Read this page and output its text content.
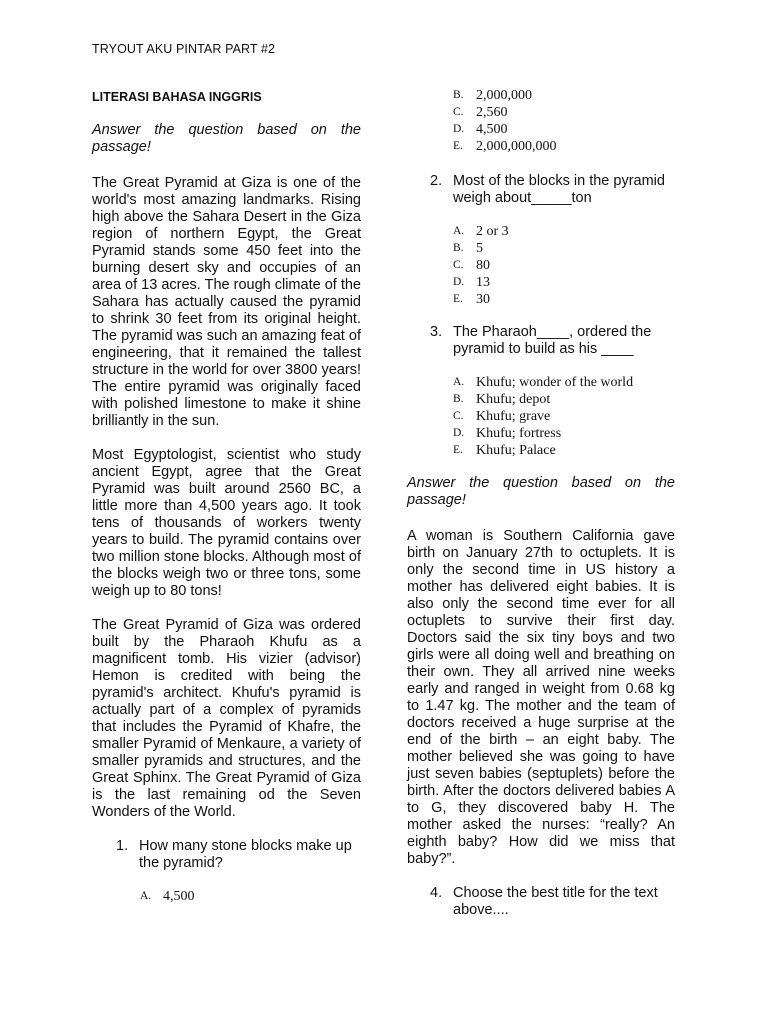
TRYOUT AKU PINTAR PART #2
LITERASI BAHASA INGGRIS
Answer the question based on the passage!

The Great Pyramid at Giza is one of the world's most amazing landmarks. Rising high above the Sahara Desert in the Giza region of northern Egypt, the Great Pyramid stands some 450 feet into the burning desert sky and occupies of an area of 13 acres. The rough climate of the Sahara has actually caused the pyramid to shrink 30 feet from its original height. The pyramid was such an amazing feat of engineering, that it remained the tallest structure in the world for over 3800 years! The entire pyramid was originally faced with polished limestone to make it shine brilliantly in the sun.

Most Egyptologist, scientist who study ancient Egypt, agree that the Great Pyramid was built around 2560 BC, a little more than 4,500 years ago. It took tens of thousands of workers twenty years to build. The pyramid contains over two million stone blocks. Although most of the blocks weigh two or three tons, some weigh up to 80 tons!

The Great Pyramid of Giza was ordered built by the Pharaoh Khufu as a magnificent tomb. His vizier (advisor) Hemon is credited with being the pyramid's architect. Khufu's pyramid is actually part of a complex of pyramids that includes the Pyramid of Khafre, the smaller Pyramid of Menkaure, a variety of smaller pyramids and structures, and the Great Sphinx. The Great Pyramid of Giza is the last remaining od the Seven Wonders of the World.

1. How many stone blocks make up the pyramid?
A. 4,500
B. 2,000,000
C. 2,560
D. 4,500
E. 2,000,000,000
2. Most of the blocks in the pyramid weigh about_____ton
A. 2 or 3
B. 5
C. 80
D. 13
E. 30
3. The Pharaoh____, ordered the pyramid to build as his ____
A. Khufu; wonder of the world
B. Khufu; depot
C. Khufu; grave
D. Khufu; fortress
E. Khufu; Palace
Answer the question based on the passage!

A woman is Southern California gave birth on January 27th to octuplets. It is only the second time in US history a mother has delivered eight babies. It is also only the second time ever for all octuplets to survive their first day. Doctors said the six tiny boys and two girls were all doing well and breathing on their own. They all arrived nine weeks early and ranged in weight from 0.68 kg to 1.47 kg. The mother and the team of doctors received a huge surprise at the end of the birth – an eight baby. The mother believed she was going to have just seven babies (septuplets) before the birth. After the doctors delivered babies A to G, they discovered baby H. The mother asked the nurses: “really? An eighth baby? How did we miss that baby?”.

4. Choose the best title for the text above....
